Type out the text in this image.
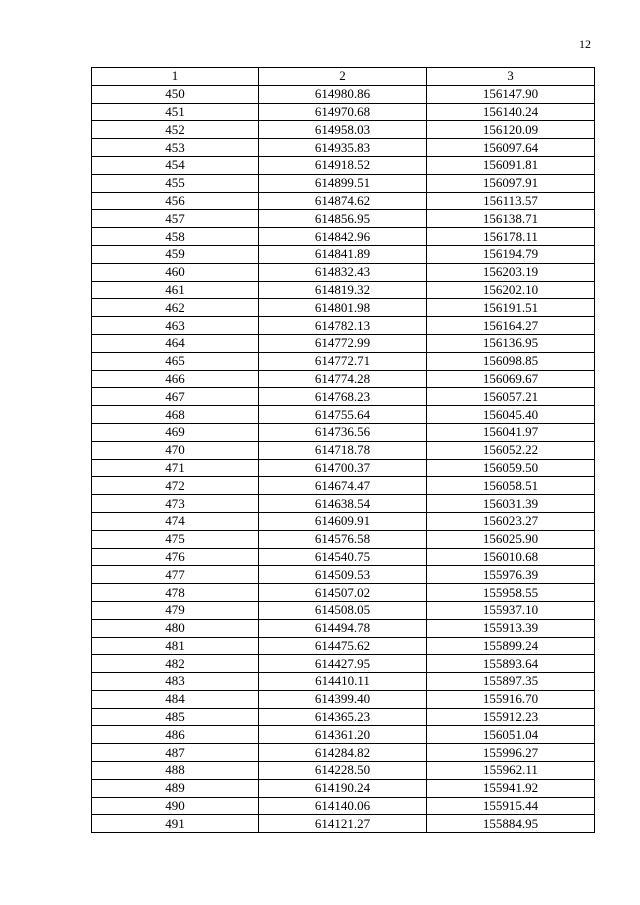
12
1	2	3
450	614980.86	156147.90
451	614970.68	156140.24
452	614958.03	156120.09
453	614935.83	156097.64
454	614918.52	156091.81
455	614899.51	156097.91
456	614874.62	156113.57
457	614856.95	156138.71
458	614842.96	156178.11
459	614841.89	156194.79
460	614832.43	156203.19
461	614819.32	156202.10
462	614801.98	156191.51
463	614782.13	156164.27
464	614772.99	156136.95
465	614772.71	156098.85
466	614774.28	156069.67
467	614768.23	156057.21
468	614755.64	156045.40
469	614736.56	156041.97
470	614718.78	156052.22
471	614700.37	156059.50
472	614674.47	156058.51
473	614638.54	156031.39
474	614609.91	156023.27
475	614576.58	156025.90
476	614540.75	156010.68
477	614509.53	155976.39
478	614507.02	155958.55
479	614508.05	155937.10
480	614494.78	155913.39
481	614475.62	155899.24
482	614427.95	155893.64
483	614410.11	155897.35
484	614399.40	155916.70
485	614365.23	155912.23
486	614361.20	156051.04
487	614284.82	155996.27
488	614228.50	155962.11
489	614190.24	155941.92
490	614140.06	155915.44
491	614121.27	155884.95
